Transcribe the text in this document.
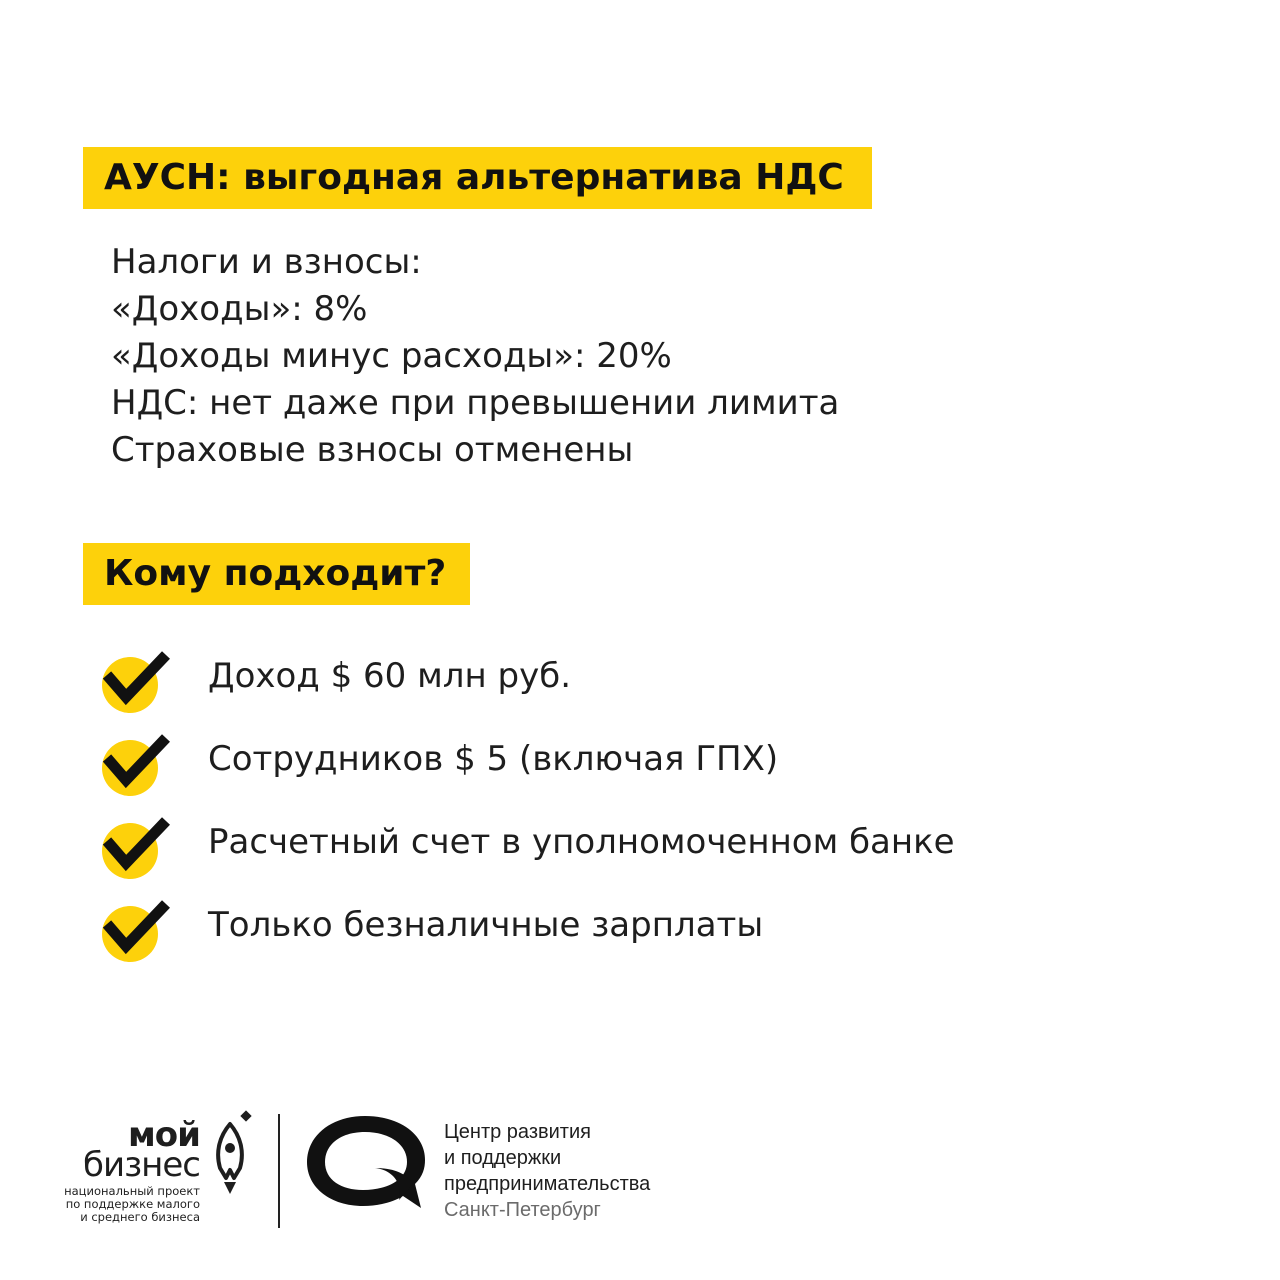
АУСН: выгодная альтернатива НДС
Налоги и взносы:
«Доходы»: 8%
«Доходы минус расходы»: 20%
НДС: нет даже при превышении лимита
Страховые взносы отменены
Кому подходит?
Доход $ 60 млн руб.
Сотрудников $ 5 (включая ГПХ)
Расчетный счет в уполномоченном банке
Только безналичные зарплаты
мой
бизнес
национальный проект
по поддержке малого
и среднего бизнеса
Центр развития
и поддержки
предпринимательства
Санкт-Петербург
